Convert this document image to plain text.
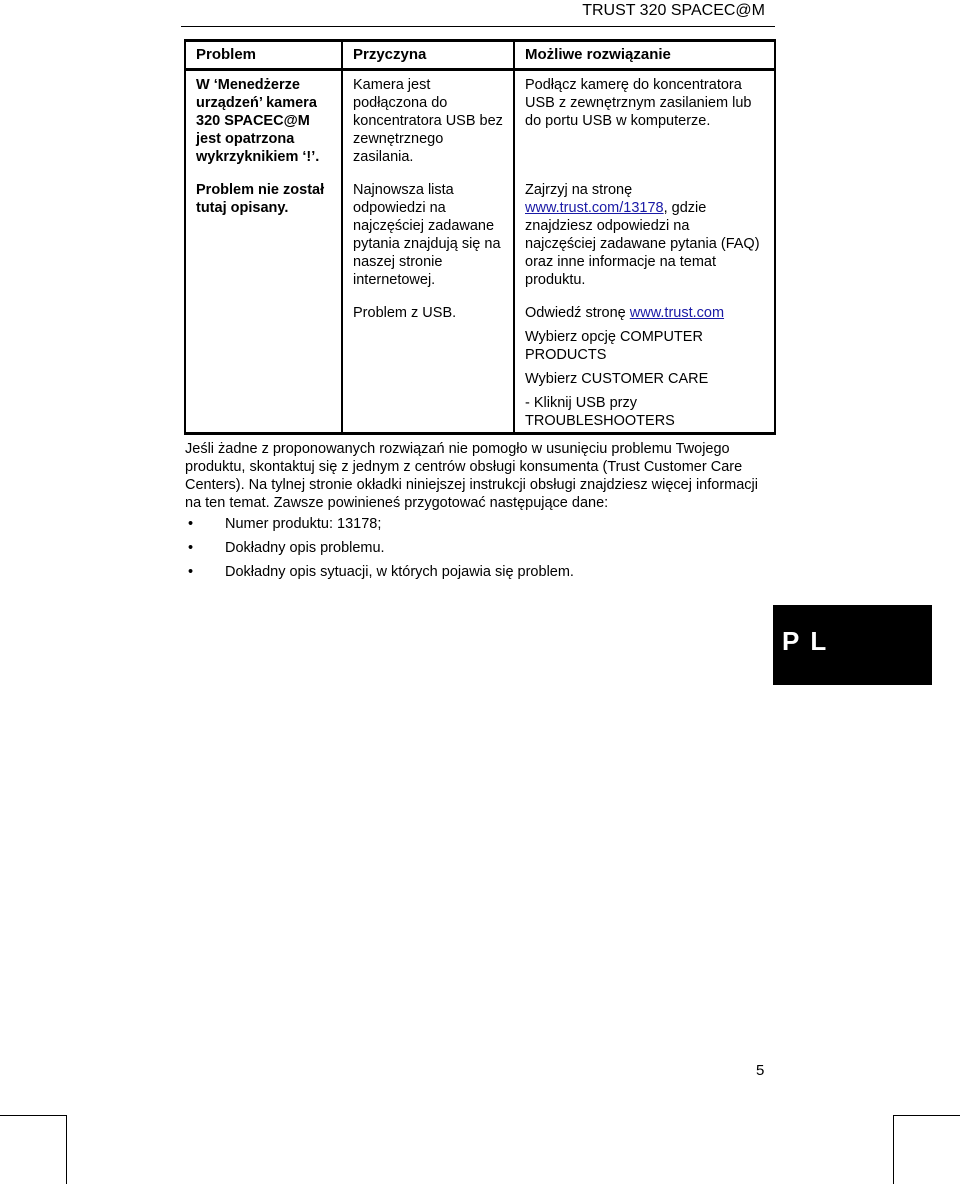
TRUST 320 SPACEC@M
Problem	Przyczyna	Możliwe rozwiązanie

W ‘Menedżerze urządzeń’ kamera 320 SPACEC@M jest opatrzona wykrzyknikiem ‘!’.	Kamera jest podłączona do koncentratora USB bez zewnętrznego zasilania.	Podłącz kamerę do koncentratora USB z zewnętrznym zasilaniem lub do portu USB w komputerze.

Problem nie został tutaj opisany.	Najnowsza lista odpowiedzi na najczęściej zadawane pytania znajdują się na naszej stronie internetowej.	Zajrzyj na stronę
www.trust.com/13178, gdzie znajdziesz odpowiedzi na najczęściej zadawane pytania (FAQ) oraz inne informacje na temat produktu.

	Problem z USB.	Odwiedź stronę www.trust.com

Wybierz opcję COMPUTER PRODUCTS

Wybierz CUSTOMER CARE

- Kliknij USB przy TROUBLESHOOTERS

Jeśli żadne z proponowanych rozwiązań nie pomogło w usunięciu problemu Twojego produktu, skontaktuj się z jednym z centrów obsługi konsumenta (Trust Customer Care Centers). Na tylnej stronie okładki niniejszej instrukcji obsługi znajdziesz więcej informacji na ten temat. Zawsze powinieneś przygotować następujące dane:

• Numer produktu: 13178;
• Dokładny opis problemu.
• Dokładny opis sytuacji, w których pojawia się problem.
PL
5
